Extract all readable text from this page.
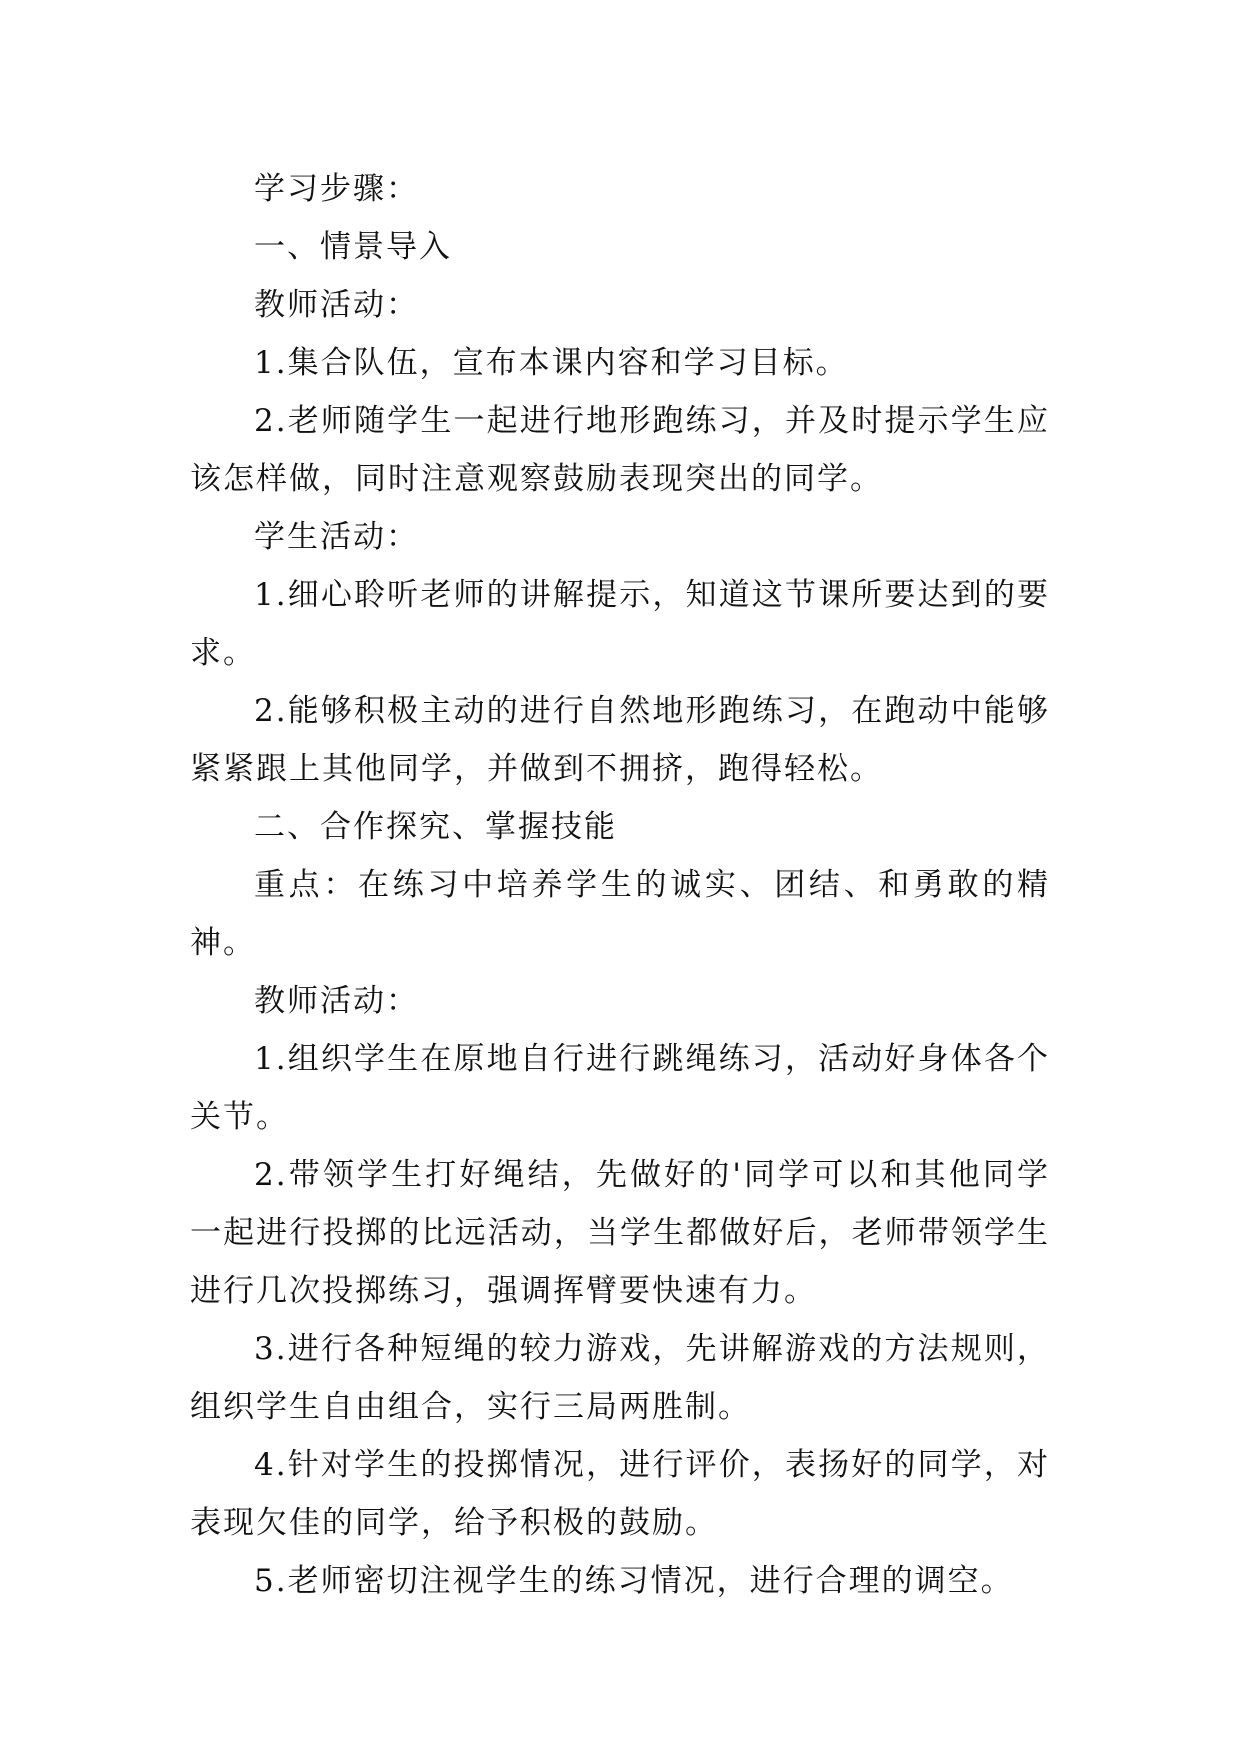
学习步骤：

一、情景导入

教师活动：

1.集合队伍，宣布本课内容和学习目标。

2.老师随学生一起进行地形跑练习，并及时提示学生应该怎样做，同时注意观察鼓励表现突出的同学。

学生活动：

1.细心聆听老师的讲解提示，知道这节课所要达到的要求。

2.能够积极主动的进行自然地形跑练习，在跑动中能够紧紧跟上其他同学，并做到不拥挤，跑得轻松。

二、合作探究、掌握技能

重点：在练习中培养学生的诚实、团结、和勇敢的精神。

教师活动：

1.组织学生在原地自行进行跳绳练习，活动好身体各个关节。

2.带领学生打好绳结，先做好的'同学可以和其他同学一起进行投掷的比远活动，当学生都做好后，老师带领学生进行几次投掷练习，强调挥臂要快速有力。

3.进行各种短绳的较力游戏，先讲解游戏的方法规则，组织学生自由组合，实行三局两胜制。

4.针对学生的投掷情况，进行评价，表扬好的同学，对表现欠佳的同学，给予积极的鼓励。

5.老师密切注视学生的练习情况，进行合理的调空。
